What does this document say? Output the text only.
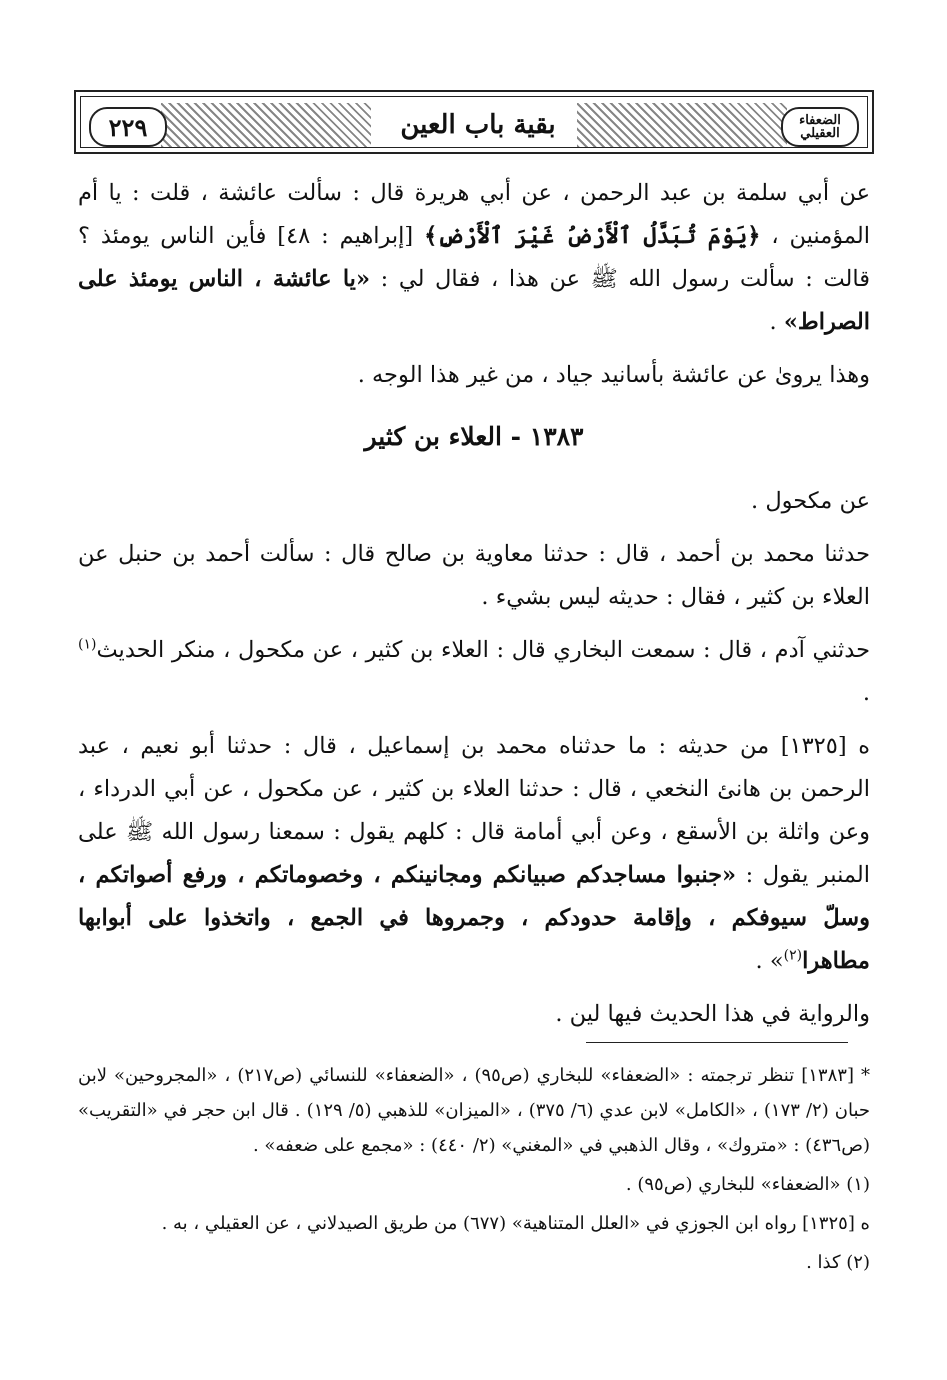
٢٢٩	بقية باب العين	الضعفاء العقيلي

عن أبي سلمة بن عبد الرحمن ، عن أبي هريرة قال : سألت عائشة ، قلت : يا أم المؤمنين ، ﴿يَوْمَ تُبَدَّلُ ٱلْأَرْضُ غَيْرَ ٱلْأَرْضِ﴾ [إبراهيم : ٤٨] فأين الناس يومئذ ؟ قالت : سألت رسول الله ﷺ عن هذا ، فقال لي : «يا عائشة ، الناس يومئذ على الصراط» .

وهذا يروىٰ عن عائشة بأسانيد جياد ، من غير هذا الوجه .

١٣٨٣ - العلاء بن كثير

عن مكحول .

حدثنا محمد بن أحمد ، قال : حدثنا معاوية بن صالح قال : سألت أحمد بن حنبل عن العلاء بن كثير ، فقال : حديثه ليس بشيء .

حدثني آدم ، قال : سمعت البخاري قال : العلاء بن كثير ، عن مكحول ، منكر الحديث$^{(١)}$ .

ه [١٣٢٥] من حديثه : ما حدثناه محمد بن إسماعيل ، قال : حدثنا أبو نعيم ، عبد الرحمن بن هانئ النخعي ، قال : حدثنا العلاء بن كثير ، عن مكحول ، عن أبي الدرداء ، وعن واثلة بن الأسقع ، وعن أبي أمامة قال : كلهم يقول : سمعنا رسول الله ﷺ على المنبر يقول : «جنبوا مساجدكم صبيانكم ومجانينكم ، وخصوماتكم ، ورفع أصواتكم ، وسلّ سيوفكم ، وإقامة حدودكم ، وجمروها في الجمع ، واتخذوا على أبوابها مطاهرا$^{(٢)}$» .

والرواية في هذا الحديث فيها لين .

* [١٣٨٣] تنظر ترجمته : «الضعفاء» للبخاري (ص٩٥) ، «الضعفاء» للنسائي (ص٢١٧) ، «المجروحين» لابن حبان (٢/ ١٧٣) ، «الكامل» لابن عدي (٦/ ٣٧٥) ، «الميزان» للذهبي (٥/ ١٢٩) . قال ابن حجر في «التقريب» (ص٤٣٦) : «متروك» ، وقال الذهبي في «المغني» (٢/ ٤٤٠) : «مجمع على ضعفه» .

(١) «الضعفاء» للبخاري (ص٩٥) .

ه [١٣٢٥] رواه ابن الجوزي في «العلل المتناهية» (٦٧٧) من طريق الصيدلاني ، عن العقيلي ، به .

(٢) كذا .
